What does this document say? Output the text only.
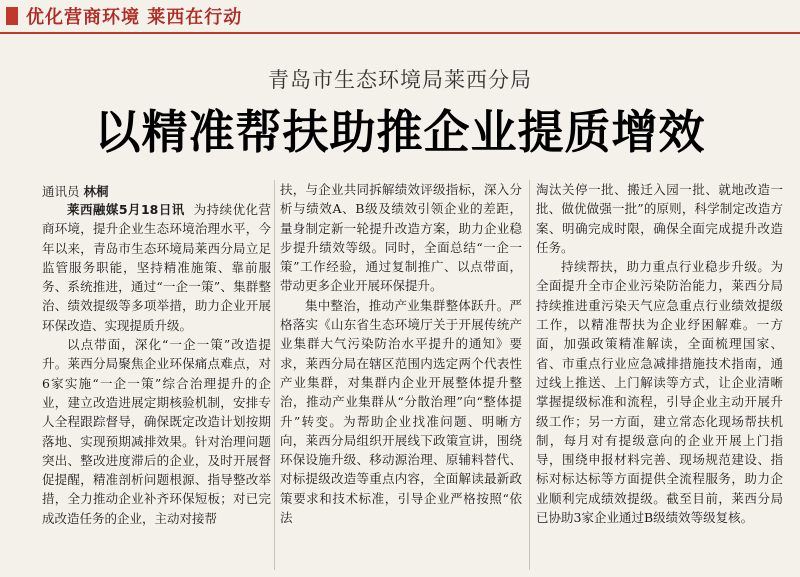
优化营商环境 莱西在行动
青岛市生态环境局莱西分局
以精准帮扶助推企业提质增效
通讯员 林桐

莱西融媒5月18日讯 为持续优化营商环境，提升企业生态环境治理水平，今年以来，青岛市生态环境局莱西分局立足监管服务职能，坚持精准施策、靠前服务、系统推进，通过“一企一策”、集群整治、绩效提级等多项举措，助力企业开展环保改造、实现提质升级。

以点带面，深化“一企一策”改造提升。莱西分局聚焦企业环保痛点难点，对6家实施“一企一策”综合治理提升的企业，建立改造进展定期核验机制，安排专人全程跟踪督导，确保既定改造计划按期落地、实现预期减排效果。针对治理问题突出、整改进度滞后的企业，及时开展督促提醒，精准剖析问题根源、指导整改举措，全力推动企业补齐环保短板；对已完成改造任务的企业，主动对接帮

扶，与企业共同拆解绩效评级指标，深入分析与绩效A、B级及绩效引领企业的差距，量身制定新一轮提升改造方案，助力企业稳步提升绩效等级。同时，全面总结“一企一策”工作经验，通过复制推广、以点带面，带动更多企业开展环保提升。

集中整治，推动产业集群整体跃升。严格落实《山东省生态环境厅关于开展传统产业集群大气污染防治水平提升的通知》要求，莱西分局在辖区范围内选定两个代表性产业集群，对集群内企业开展整体提升整治，推动产业集群从“分散治理”向“整体提升”转变。为帮助企业找准问题、明晰方向，莱西分局组织开展线下政策宣讲，围绕环保设施升级、移动源治理、原辅料替代、对标提级改造等重点内容，全面解读最新政策要求和技术标准，引导企业严格按照“依法

淘汰关停一批、搬迁入园一批、就地改造一批、做优做强一批”的原则，科学制定改造方案、明确完成时限，确保全面完成提升改造任务。

持续帮扶，助力重点行业稳步升级。为全面提升全市企业污染防治能力，莱西分局持续推进重污染天气应急重点行业绩效提级工作，以精准帮扶为企业纾困解难。一方面，加强政策精准解读，全面梳理国家、省、市重点行业应急减排措施技术指南，通过线上推送、上门解读等方式，让企业清晰掌握提级标准和流程，引导企业主动开展升级工作；另一方面，建立常态化现场帮扶机制，每月对有提级意向的企业开展上门指导，围绕申报材料完善、现场规范建设、指标对标达标等方面提供全流程服务，助力企业顺利完成绩效提级。截至目前，莱西分局已协助3家企业通过B级绩效等级复核。
